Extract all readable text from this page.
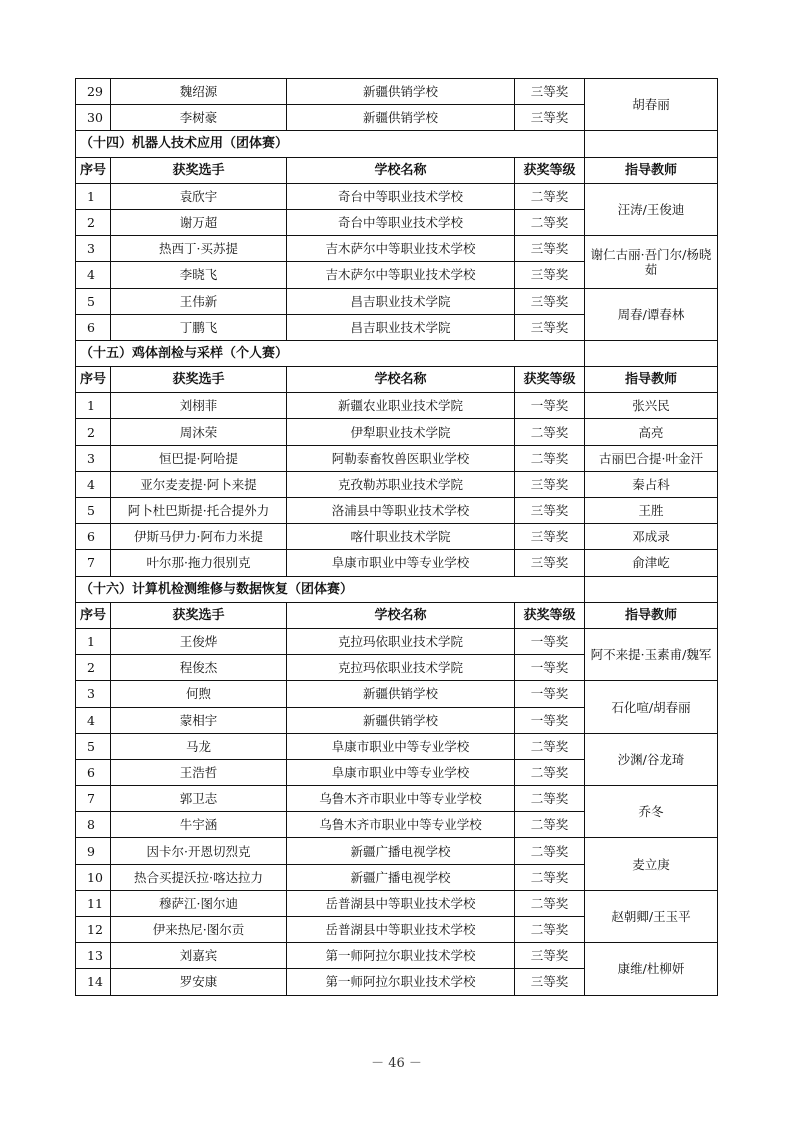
29	魏绍源	新疆供销学校	三等奖	胡春丽
30	李树豪	新疆供销学校	三等奖	
（十四）机器人技术应用（团体赛）				
序号	获奖选手	学校名称	获奖等级	指导教师
1	袁欣宇	奇台中等职业技术学校	二等奖	汪涛/王俊迪
2	谢万超	奇台中等职业技术学校	二等奖	
3	热西丁·买苏提	吉木萨尔中等职业技术学校	三等奖	谢仁古丽·吾门尔/杨晓茹
4	李晓飞	吉木萨尔中等职业技术学校	三等奖	
5	王伟新	昌吉职业技术学院	三等奖	周春/谭春林
6	丁鹏飞	昌吉职业技术学院	三等奖	
（十五）鸡体剖检与采样（个人赛）				
序号	获奖选手	学校名称	获奖等级	指导教师
1	刘栩菲	新疆农业职业技术学院	一等奖	张兴民
2	周沐荣	伊犁职业技术学院	二等奖	高亮
3	恒巴提·阿哈提	阿勒泰畜牧兽医职业学校	二等奖	古丽巴合提·叶金汗
4	亚尔麦麦提·阿卜来提	克孜勒苏职业技术学院	三等奖	秦占科
5	阿卜杜巴斯提·托合提外力	洛浦县中等职业技术学校	三等奖	王胜
6	伊斯马伊力·阿布力米提	喀什职业技术学院	三等奖	邓成录
7	叶尔那·拖力很别克	阜康市职业中等专业学校	三等奖	俞津屹
（十六）计算机检测维修与数据恢复（团体赛）				
序号	获奖选手	学校名称	获奖等级	指导教师
1	王俊烨	克拉玛依职业技术学院	一等奖	阿不来提·玉素甫/魏军
2	程俊杰	克拉玛依职业技术学院	一等奖	
3	何煦	新疆供销学校	一等奖	石化喧/胡春丽
4	蒙相宇	新疆供销学校	一等奖	
5	马龙	阜康市职业中等专业学校	二等奖	沙渊/谷龙琦
6	王浩哲	阜康市职业中等专业学校	二等奖	
7	郭卫志	乌鲁木齐市职业中等专业学校	二等奖	乔冬
8	牛宇涵	乌鲁木齐市职业中等专业学校	二等奖	
9	因卡尔·开恩切烈克	新疆广播电视学校	二等奖	麦立庚
10	热合买提沃拉·喀达拉力	新疆广播电视学校	二等奖	
11	穆萨江·图尔迪	岳普湖县中等职业技术学校	二等奖	赵朝卿/王玉平
12	伊来热尼·图尔贡	岳普湖县中等职业技术学校	二等奖	
13	刘嘉宾	第一师阿拉尔职业技术学校	三等奖	康维/杜柳妍
14	罗安康	第一师阿拉尔职业技术学校	三等奖	
－ 46 －
